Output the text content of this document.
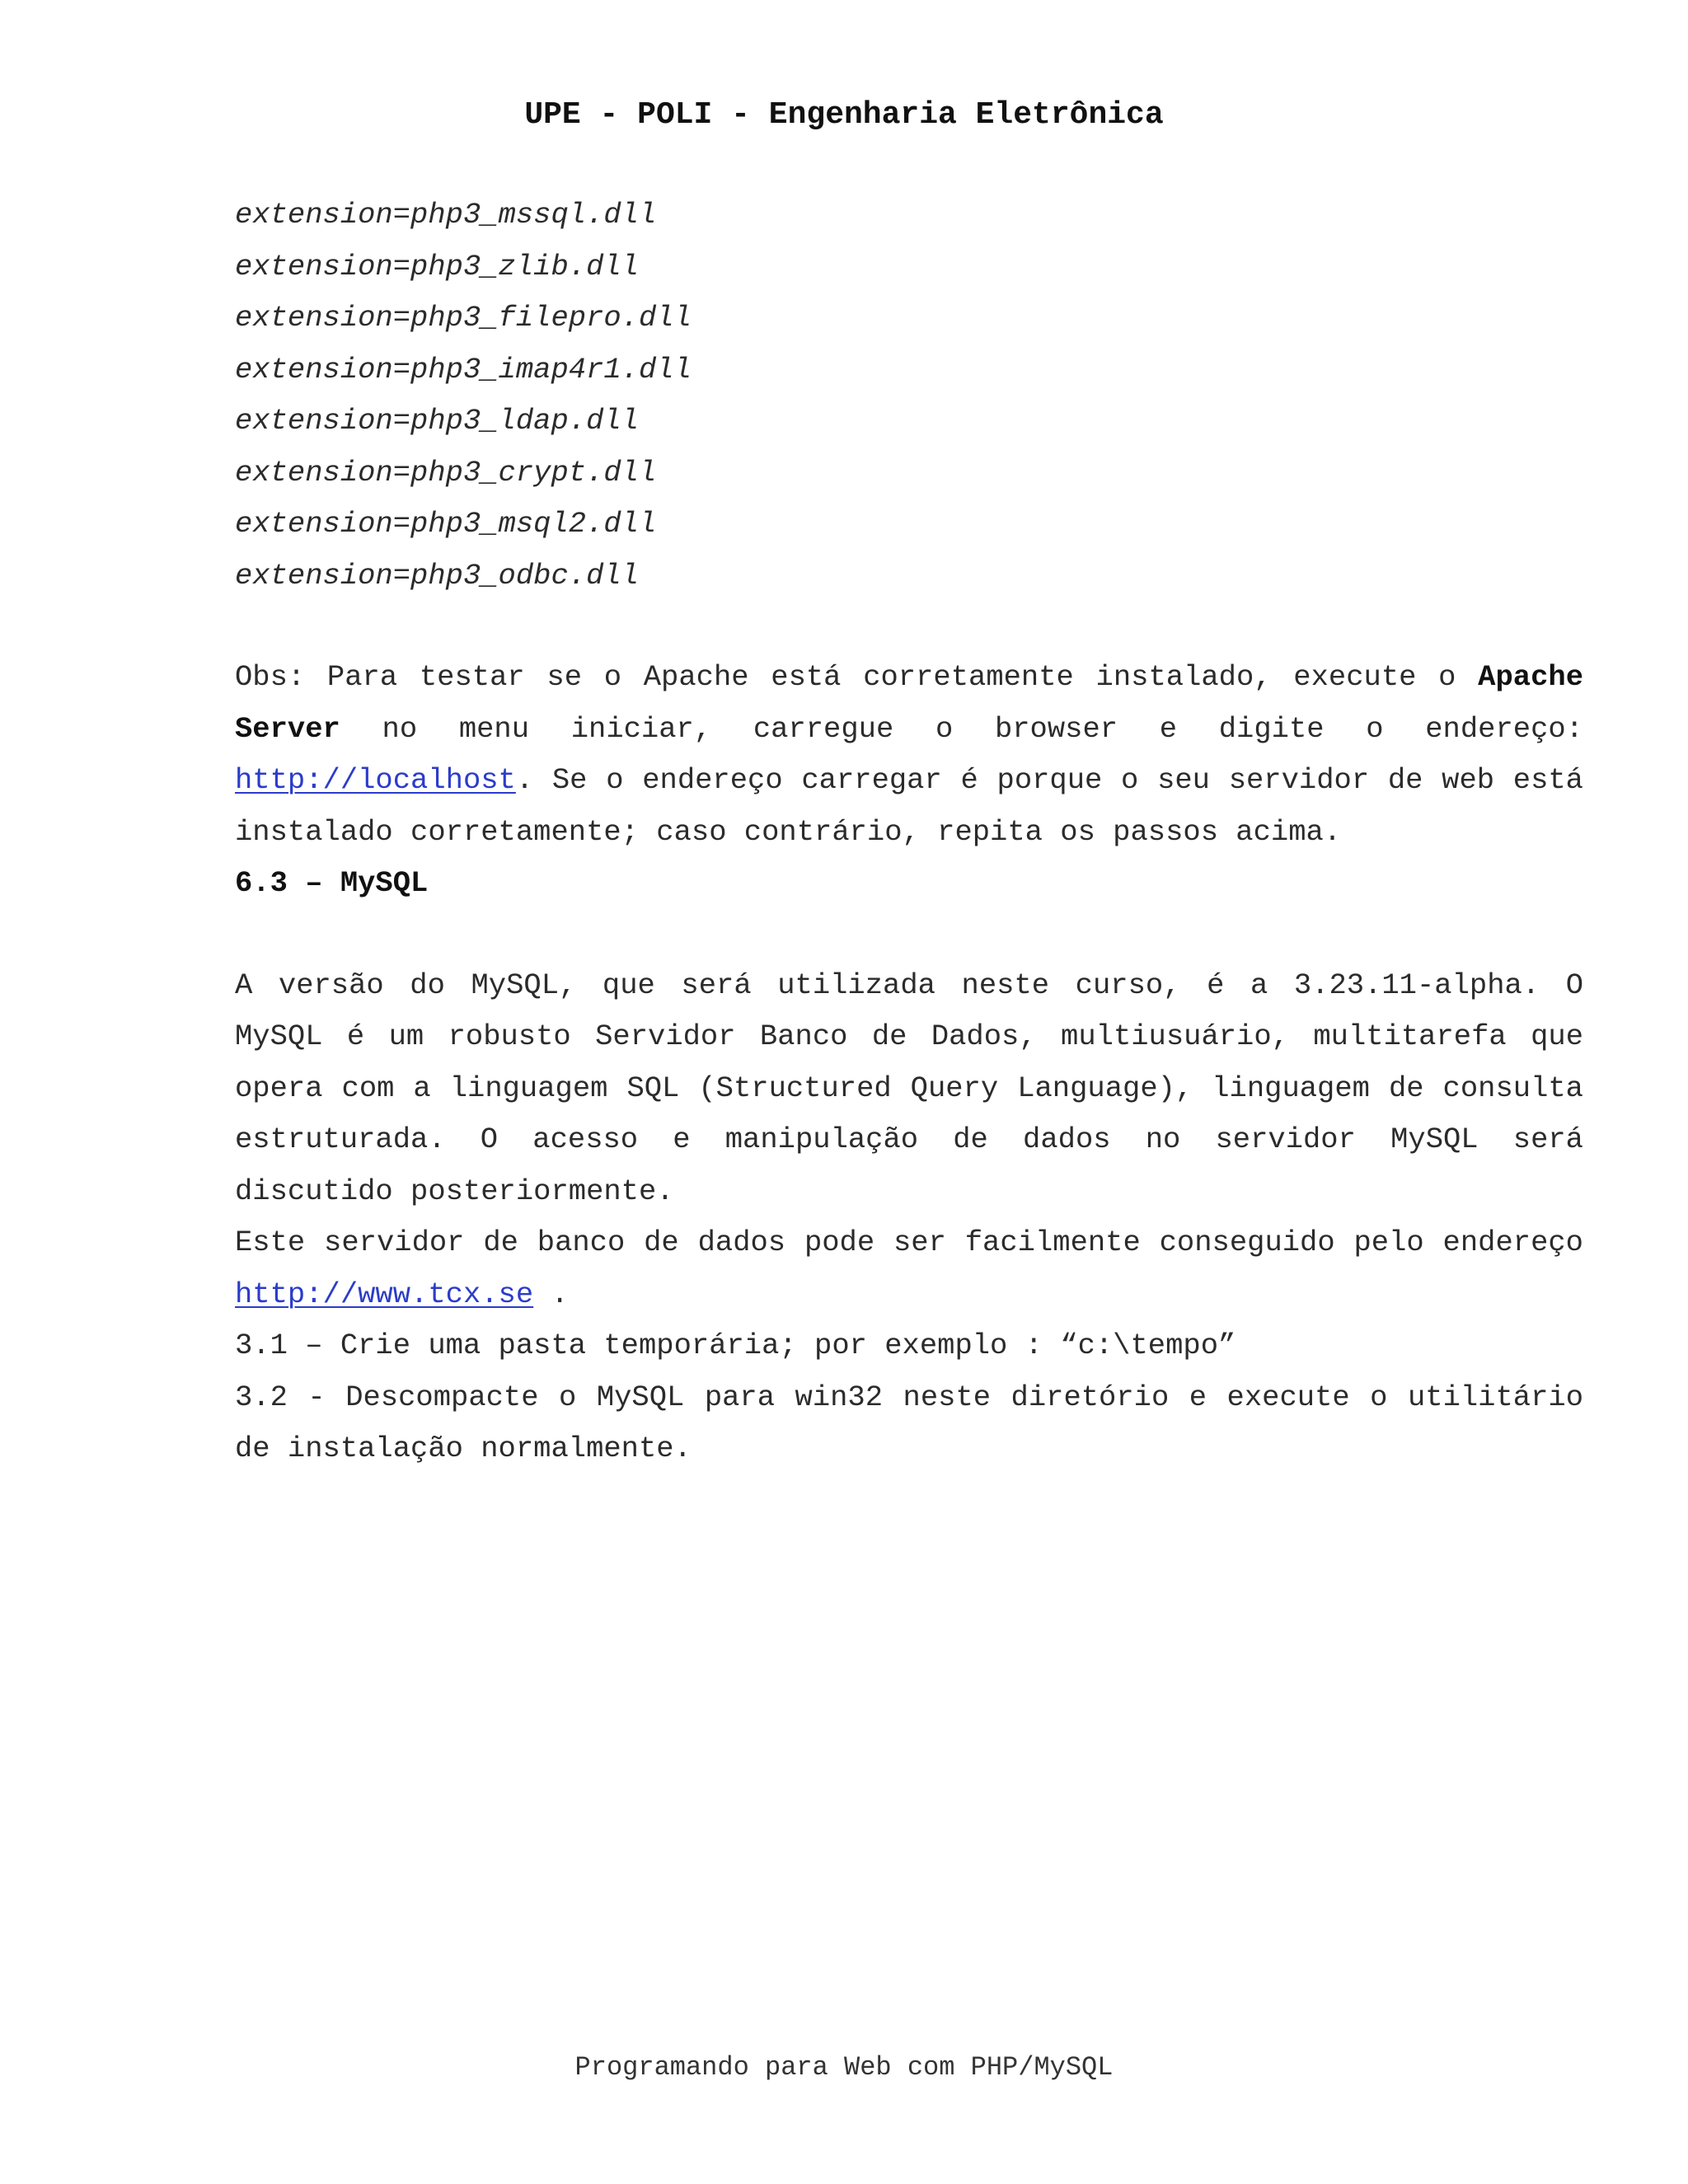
UPE - POLI - Engenharia Eletrônica
extension=php3_mssql.dll
extension=php3_zlib.dll
extension=php3_filepro.dll
extension=php3_imap4r1.dll
extension=php3_ldap.dll
extension=php3_crypt.dll
extension=php3_msql2.dll
extension=php3_odbc.dll

Obs: Para testar se o Apache está corretamente instalado, execute o Apache Server no menu iniciar, carregue o browser e digite o endereço: http://localhost. Se o endereço carregar é porque o seu servidor de web está instalado corretamente; caso contrário, repita os passos acima.

6.3 – MySQL

A versão do MySQL, que será utilizada neste curso, é a 3.23.11-alpha. O MySQL é um robusto Servidor Banco de Dados, multiusuário, multitarefa que opera com a linguagem SQL (Structured Query Language), linguagem de consulta estruturada. O acesso e manipulação de dados no servidor MySQL será discutido posteriormente.

Este servidor de banco de dados pode ser facilmente conseguido pelo endereço http://www.tcx.se .

3.1 – Crie uma pasta temporária; por exemplo : “c:\tempo”

3.2 - Descompacte o MySQL para win32 neste diretório e execute o utilitário de instalação normalmente.

Programando para Web com PHP/MySQL
